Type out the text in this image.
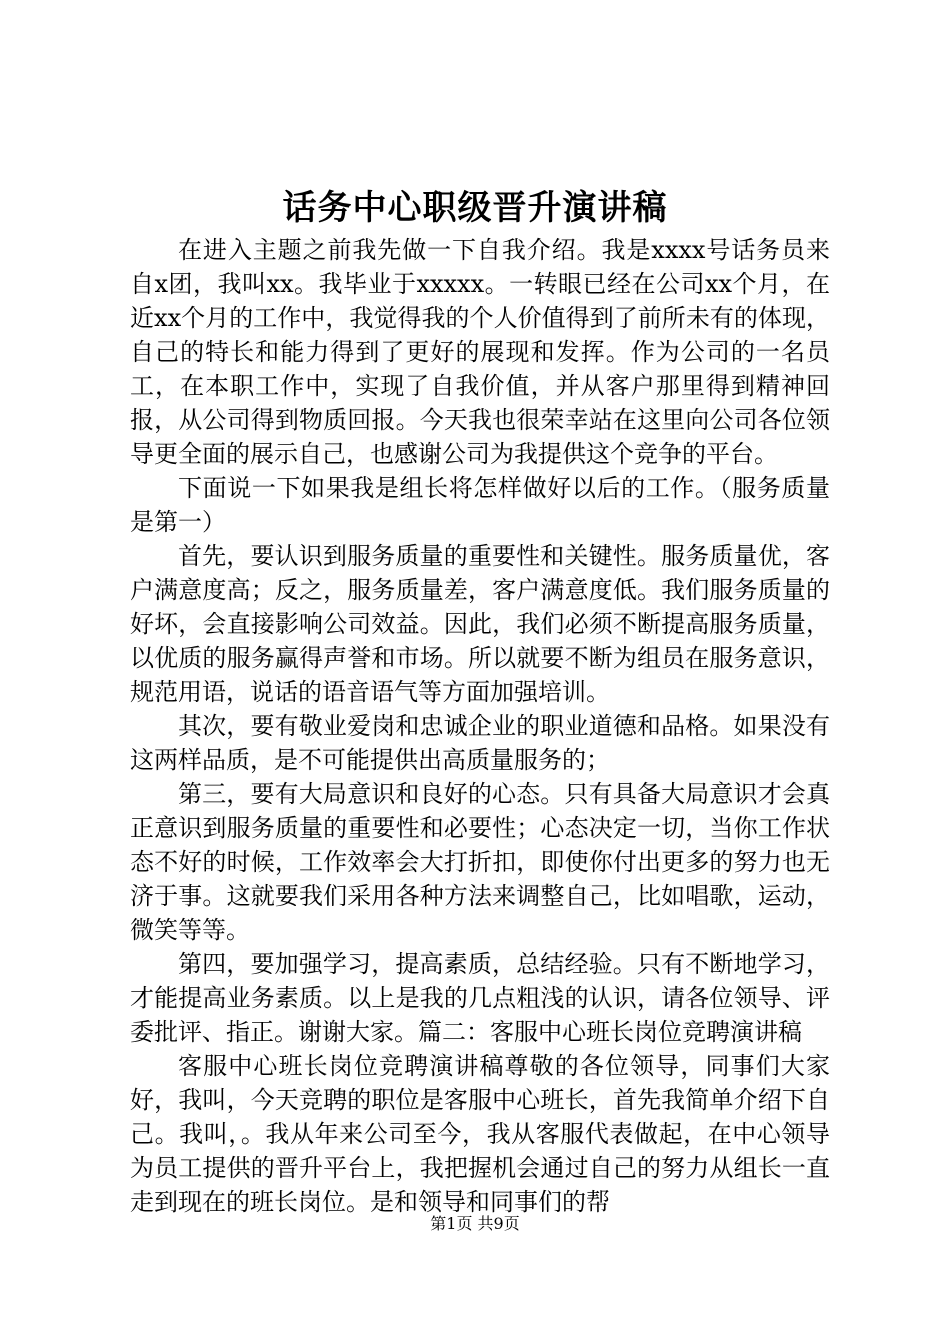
话务中心职级晋升演讲稿

在进入主题之前我先做一下自我介绍。我是xxxx号话务员来自x团，我叫xx。我毕业于xxxxx。一转眼已经在公司xx个月，在近xx个月的工作中，我觉得我的个人价值得到了前所未有的体现，自己的特长和能力得到了更好的展现和发挥。作为公司的一名员工，在本职工作中，实现了自我价值，并从客户那里得到精神回报，从公司得到物质回报。今天我也很荣幸站在这里向公司各位领导更全面的展示自己，也感谢公司为我提供这个竞争的平台。

下面说一下如果我是组长将怎样做好以后的工作。（服务质量是第一）

首先，要认识到服务质量的重要性和关键性。服务质量优，客户满意度高；反之，服务质量差，客户满意度低。我们服务质量的好坏，会直接影响公司效益。因此，我们必须不断提高服务质量，以优质的服务赢得声誉和市场。所以就要不断为组员在服务意识，规范用语，说话的语音语气等方面加强培训。

其次，要有敬业爱岗和忠诚企业的职业道德和品格。如果没有这两样品质，是不可能提供出高质量服务的；

第三，要有大局意识和良好的心态。只有具备大局意识才会真正意识到服务质量的重要性和必要性；心态决定一切，当你工作状态不好的时候，工作效率会大打折扣，即使你付出更多的努力也无济于事。这就要我们采用各种方法来调整自己，比如唱歌，运动，微笑等等。

第四，要加强学习，提高素质，总结经验。只有不断地学习，才能提高业务素质。以上是我的几点粗浅的认识，请各位领导、评委批评、指正。谢谢大家。篇二：客服中心班长岗位竞聘演讲稿

客服中心班长岗位竞聘演讲稿尊敬的各位领导，同事们大家好，我叫，今天竞聘的职位是客服中心班长，首先我简单介绍下自己。我叫，。我从年来公司至今，我从客服代表做起，在中心领导为员工提供的晋升平台上，我把握机会通过自己的努力从组长一直走到现在的班长岗位。是和领导和同事们的帮

第1页 共9页
